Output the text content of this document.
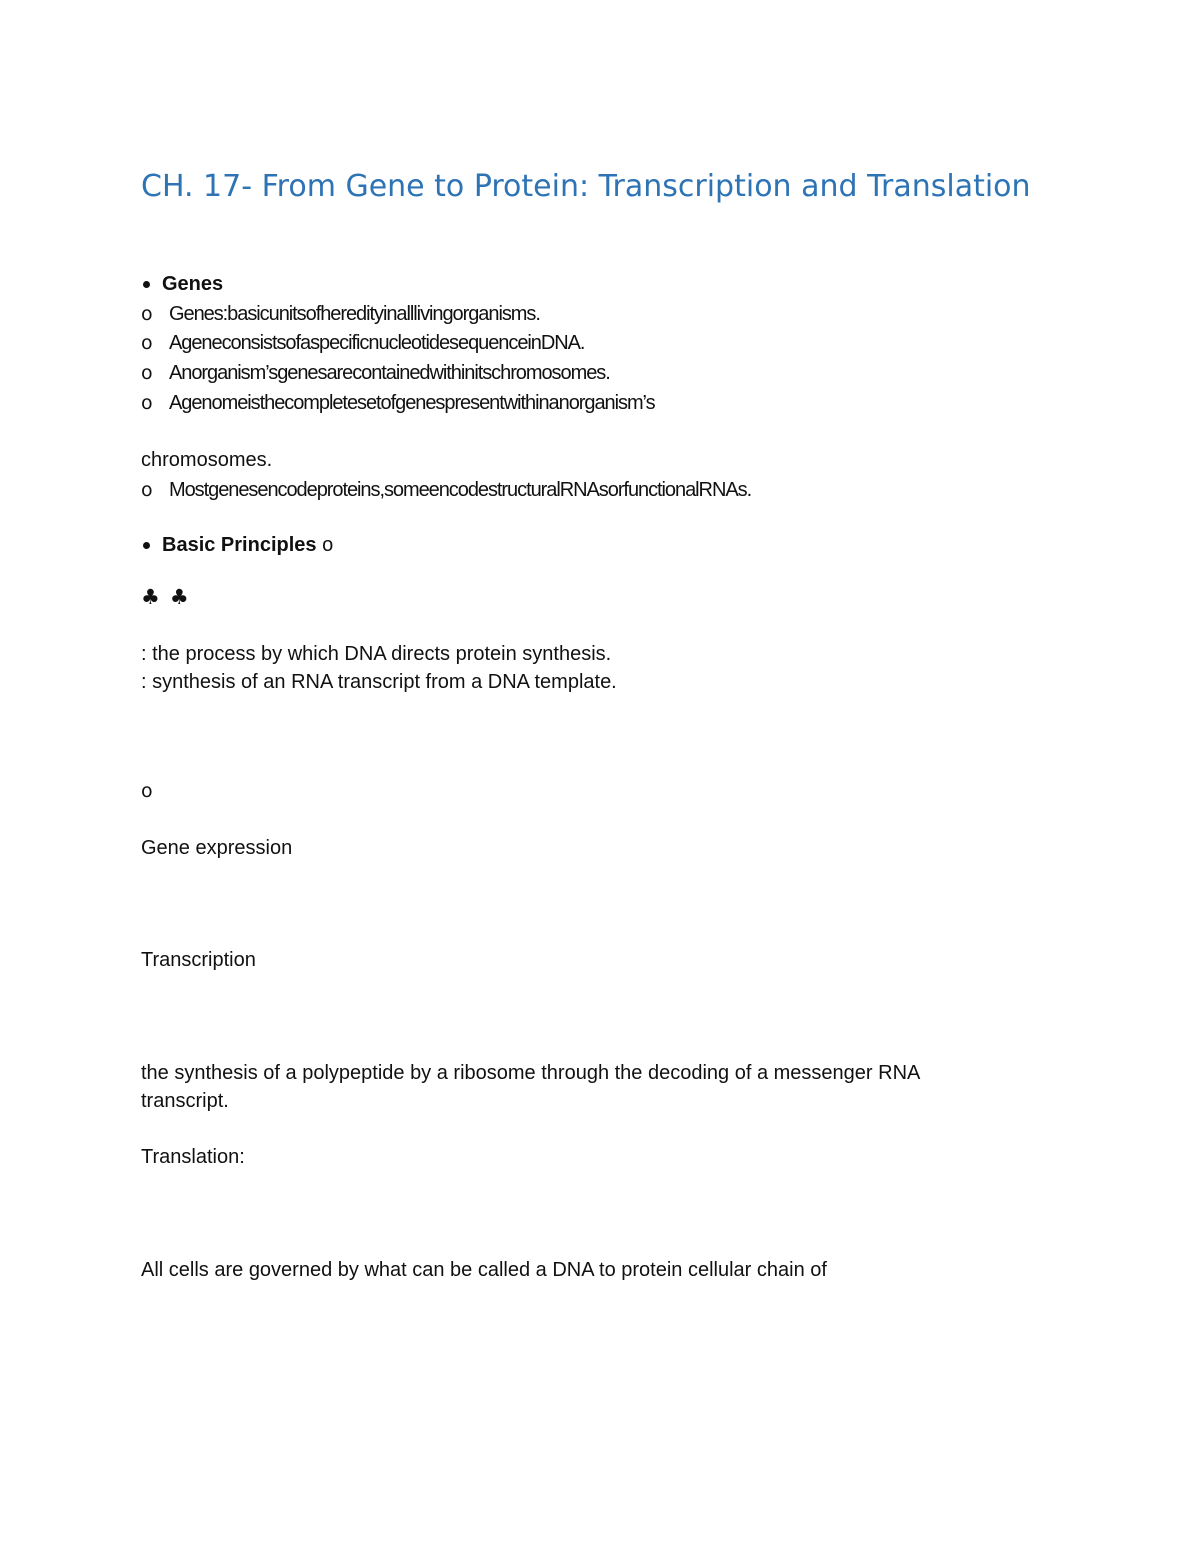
CH. 17- From Gene to Protein: Transcription and Translation
Genes
o Genes:basicunitsofheredityinalllivingorganisms.
o AgeneconsistsofaspecificnucleotidesequenceinDNA.
o Anorganism’sgenesarecontainedwithinitschromosomes.
o Agenomeisthecompletesetofgenespresentwithinanorganism’s
chromosomes.
o Mostgenesencodeproteins,someencodestructuralRNAsorfunctionalRNAs.
Basic Principles o
♣♣
: the process by which DNA directs protein synthesis.
: synthesis of an RNA transcript from a DNA template.
o
Gene expression
Transcription
the synthesis of a polypeptide by a ribosome through the decoding of a messenger RNA
transcript.
Translation:
All cells are governed by what can be called a DNA to protein cellular chain of
